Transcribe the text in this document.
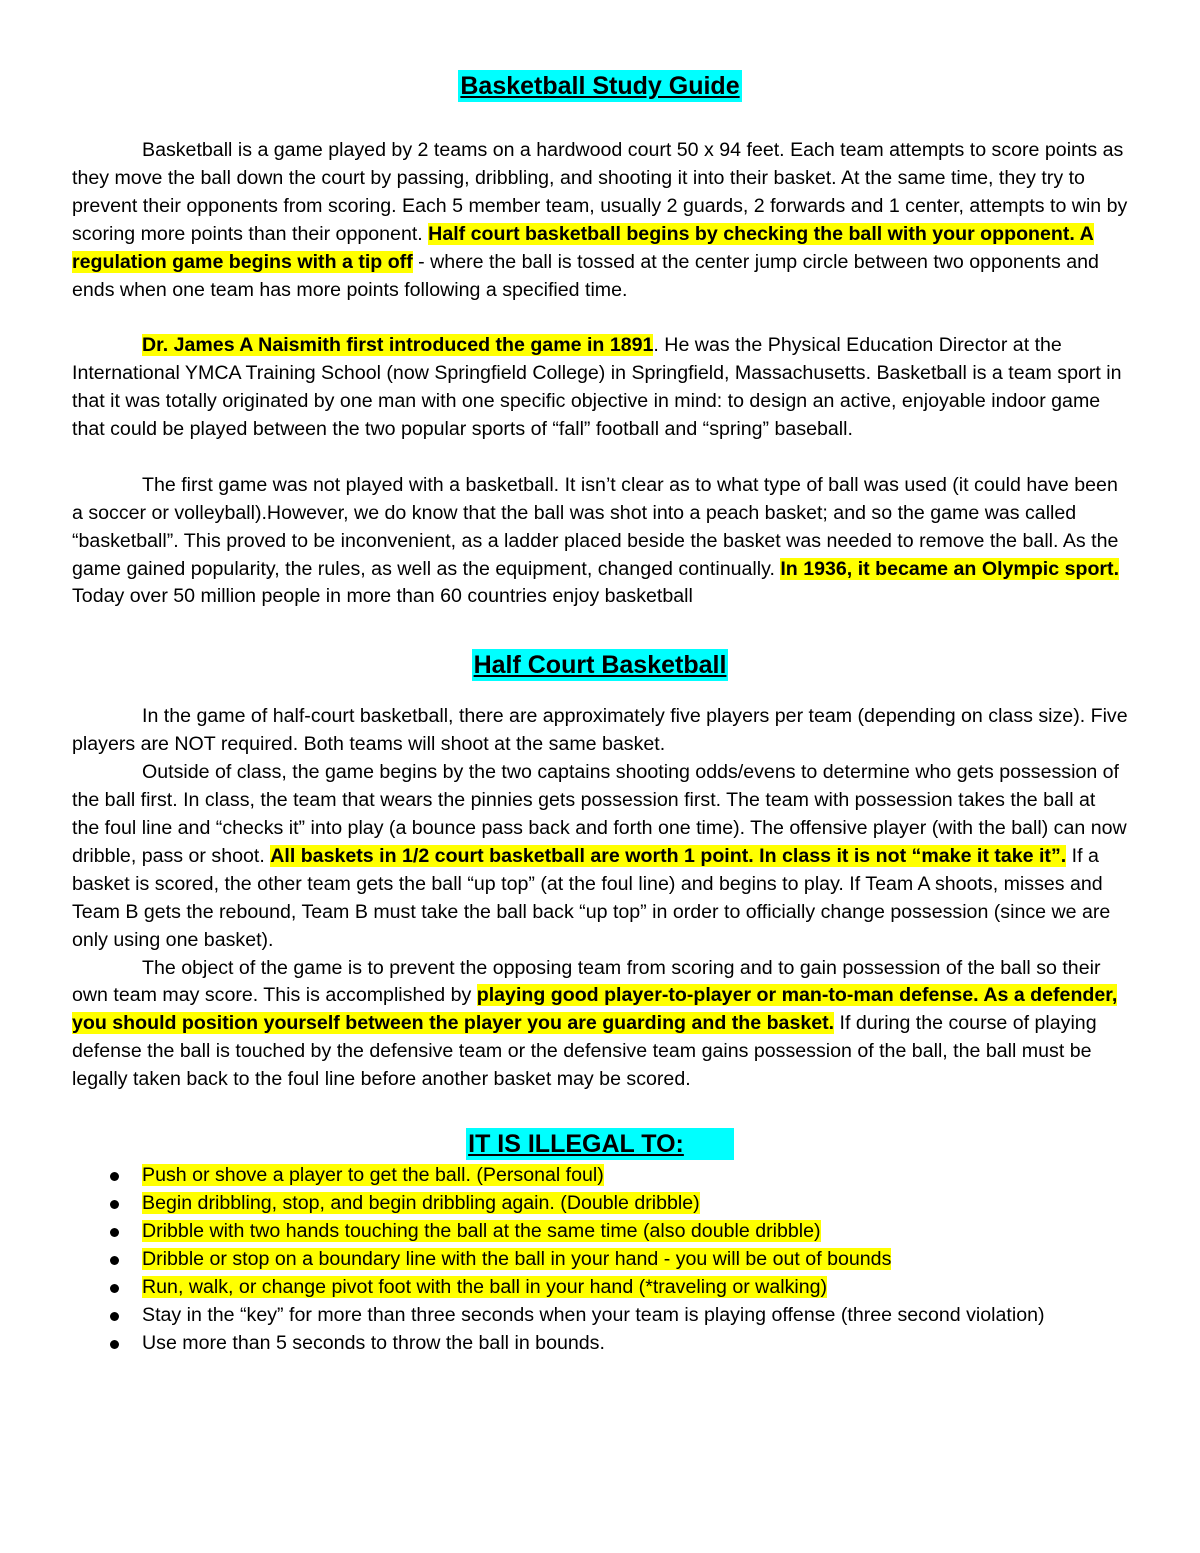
Basketball Study Guide

Basketball is a game played by 2 teams on a hardwood court 50 x 94 feet. Each team attempts to score points as they move the ball down the court by passing, dribbling, and shooting it into their basket. At the same time, they try to prevent their opponents from scoring. Each 5 member team, usually 2 guards, 2 forwards and 1 center, attempts to win by scoring more points than their opponent. Half court basketball begins by checking the ball with your opponent. A regulation game begins with a tip off - where the ball is tossed at the center jump circle between two opponents and ends when one team has more points following a specified time.

Dr. James A Naismith first introduced the game in 1891. He was the Physical Education Director at the International YMCA Training School (now Springfield College) in Springfield, Massachusetts. Basketball is a team sport in that it was totally originated by one man with one specific objective in mind: to design an active, enjoyable indoor game that could be played between the two popular sports of “fall” football and “spring” baseball.

The first game was not played with a basketball. It isn’t clear as to what type of ball was used (it could have been a soccer or volleyball).However, we do know that the ball was shot into a peach basket; and so the game was called “basketball”. This proved to be inconvenient, as a ladder placed beside the basket was needed to remove the ball. As the game gained popularity, the rules, as well as the equipment, changed continually. In 1936, it became an Olympic sport. Today over 50 million people in more than 60 countries enjoy basketball

Half Court Basketball

In the game of half-court basketball, there are approximately five players per team (depending on class size). Five players are NOT required. Both teams will shoot at the same basket.

Outside of class, the game begins by the two captains shooting odds/evens to determine who gets possession of the ball first. In class, the team that wears the pinnies gets possession first. The team with possession takes the ball at the foul line and “checks it” into play (a bounce pass back and forth one time). The offensive player (with the ball) can now dribble, pass or shoot. All baskets in 1/2 court basketball are worth 1 point. In class it is not “make it take it”. If a basket is scored, the other team gets the ball “up top” (at the foul line) and begins to play. If Team A shoots, misses and Team B gets the rebound, Team B must take the ball back “up top” in order to officially change possession (since we are only using one basket).

The object of the game is to prevent the opposing team from scoring and to gain possession of the ball so their own team may score. This is accomplished by playing good player-to-player or man-to-man defense. As a defender, you should position yourself between the player you are guarding and the basket. If during the course of playing defense the ball is touched by the defensive team or the defensive team gains possession of the ball, the ball must be legally taken back to the foul line before another basket may be scored.

IT IS ILLEGAL TO:
Push or shove a player to get the ball. (Personal foul)
Begin dribbling, stop, and begin dribbling again. (Double dribble)
Dribble with two hands touching the ball at the same time (also double dribble)
Dribble or stop on a boundary line with the ball in your hand - you will be out of bounds
Run, walk, or change pivot foot with the ball in your hand (*traveling or walking)
Stay in the “key” for more than three seconds when your team is playing offense (three second violation)
Use more than 5 seconds to throw the ball in bounds.
